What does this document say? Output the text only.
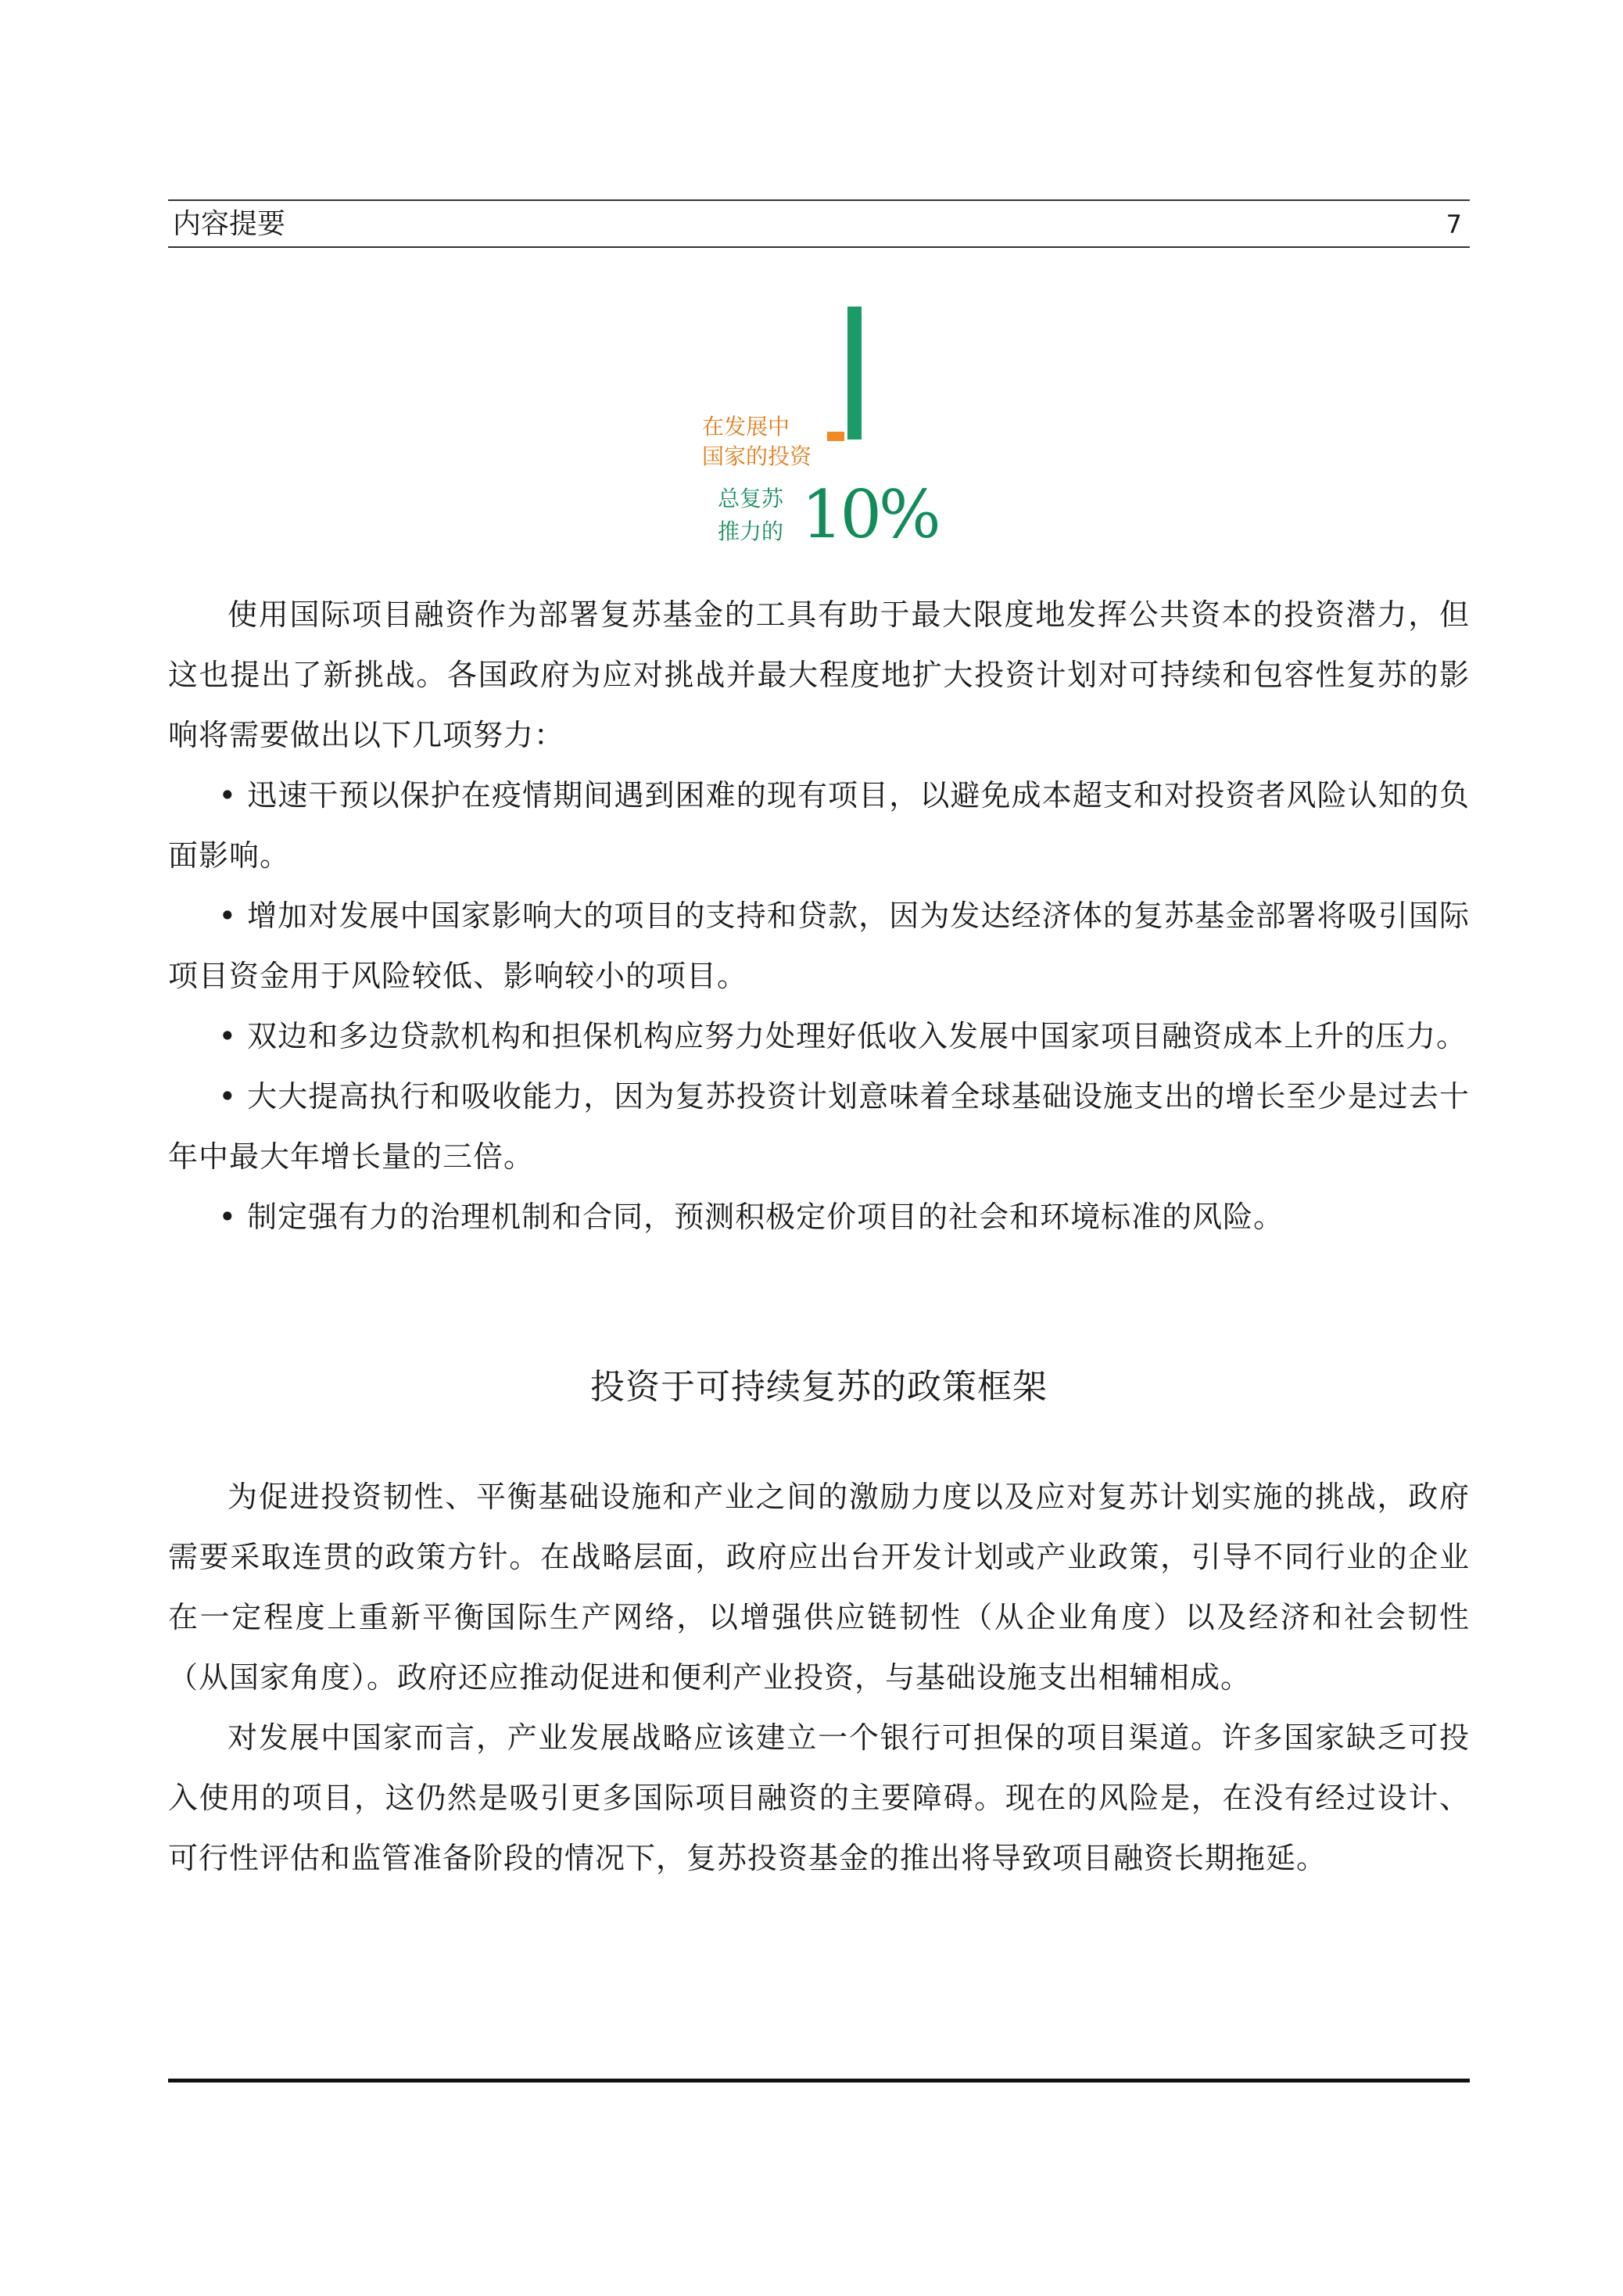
内容提要	7
在发展中
国家的投资
总复苏
推力的 10%

使用国际项目融资作为部署复苏基金的工具有助于最大限度地发挥公共资本的投资潜力，但这也提出了新挑战。各国政府为应对挑战并最大程度地扩大投资计划对可持续和包容性复苏的影响将需要做出以下几项努力：

• 迅速干预以保护在疫情期间遇到困难的现有项目，以避免成本超支和对投资者风险认知的负面影响。

• 增加对发展中国家影响大的项目的支持和贷款，因为发达经济体的复苏基金部署将吸引国际项目资金用于风险较低、影响较小的项目。

• 双边和多边贷款机构和担保机构应努力处理好低收入发展中国家项目融资成本上升的压力。

• 大大提高执行和吸收能力，因为复苏投资计划意味着全球基础设施支出的增长至少是过去十年中最大年增长量的三倍。

• 制定强有力的治理机制和合同，预测积极定价项目的社会和环境标准的风险。

投资于可持续复苏的政策框架

为促进投资韧性、平衡基础设施和产业之间的激励力度以及应对复苏计划实施的挑战，政府需要采取连贯的政策方针。在战略层面，政府应出台开发计划或产业政策，引导不同行业的企业在一定程度上重新平衡国际生产网络，以增强供应链韧性（从企业角度）以及经济和社会韧性（从国家角度）。政府还应推动促进和便利产业投资，与基础设施支出相辅相成。

对发展中国家而言，产业发展战略应该建立一个银行可担保的项目渠道。许多国家缺乏可投入使用的项目，这仍然是吸引更多国际项目融资的主要障碍。现在的风险是，在没有经过设计、可行性评估和监管准备阶段的情况下，复苏投资基金的推出将导致项目融资长期拖延。
